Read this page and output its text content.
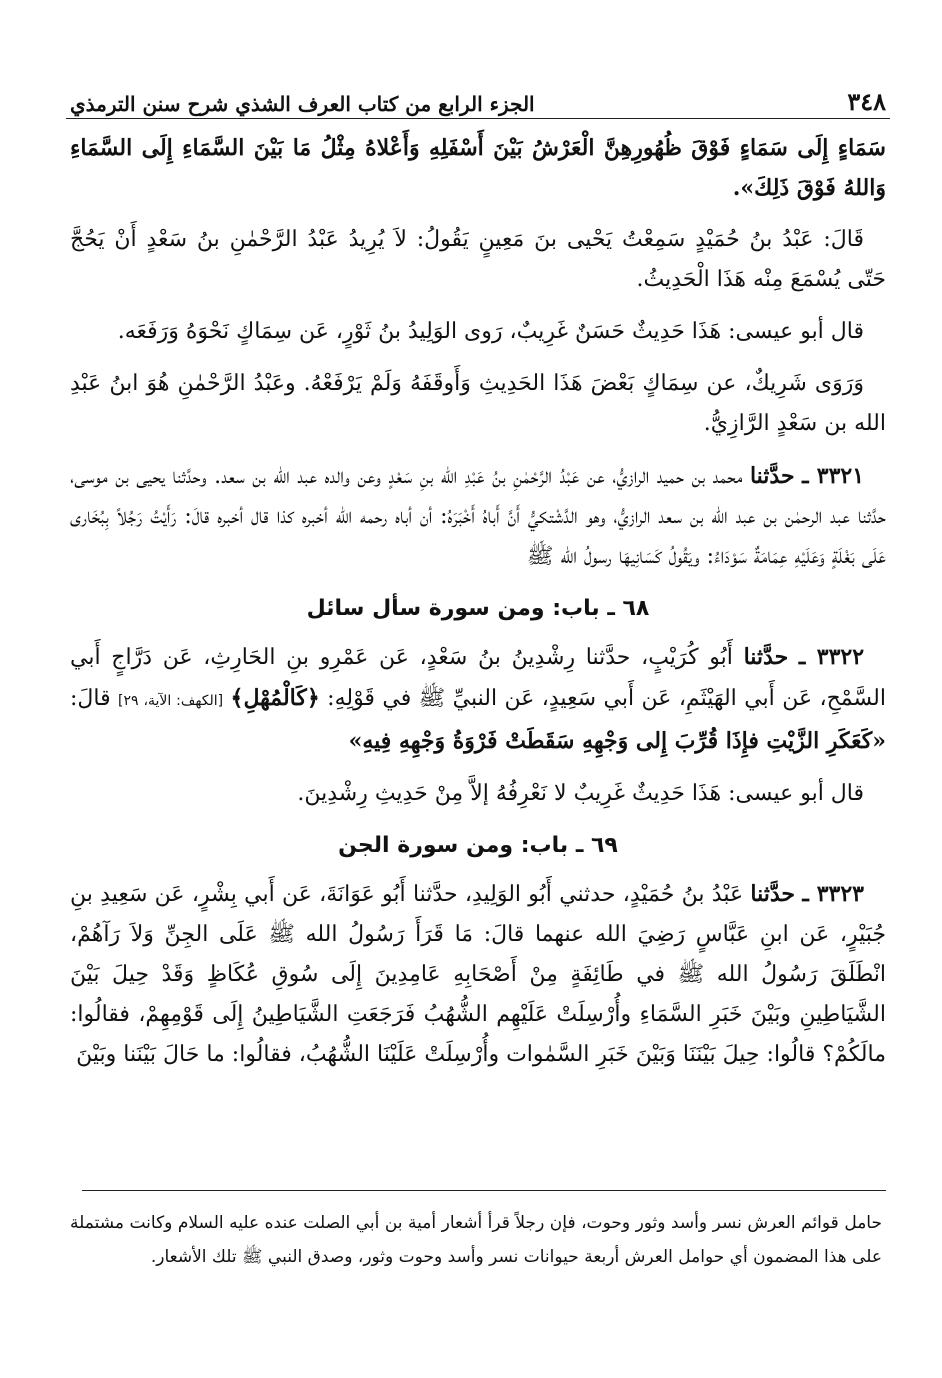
٣٤٨
الجزء الرابع من كتاب العرف الشذي شرح سنن الترمذي

سَمَاءٍ إِلَى سَمَاءٍ فَوْقَ ظُهُورِهِنَّ الْعَرْشُ بَيْنَ أَسْفَلِهِ وَأَعْلاهُ مِثْلُ مَا بَيْنَ السَّمَاءِ إِلَى السَّمَاءِ وَاللهُ فَوْقَ ذَلِكَ».

قَالَ: عَبْدُ بنُ حُمَيْدٍ سَمِعْتُ يَحْيى بنَ مَعِينٍ يَقُولُ: لاَ يُرِيدُ عَبْدُ الرَّحْمٰنِ بنُ سَعْدٍ أَنْ يَحُجَّ حَتّى يُسْمَعَ مِنْه هَذَا الْحَدِيثُ.

قال أبو عيسى: هَذَا حَدِيثٌ حَسَنٌ غَرِيبٌ، رَوى الوَلِيدُ بنُ ثَوْرٍ، عَن سِمَاكٍ نَحْوَهُ وَرَفَعَه.

وَرَوَى شَرِيكٌ، عن سِمَاكٍ بَعْضَ هَذَا الحَدِيثِ وَأَوقَفَهُ وَلَمْ يَرْفَعْهُ. وعَبْدُ الرَّحْمٰنِ هُوَ ابنُ عَبْدِ الله بن سَعْدٍ الرَّازِيُّ.

٣٣٢١ ـ حدَّثنا محمد بن حميد الرازيُّ، عن عَبْدُ الرَّحْمٰنِ بنُ عَبْدِ الله بنِ سَعْدٍ وعن والده عبد الله بن سعد. وحدَّثنا يحيى بن موسى، حدَّثنا عبد الرحمٰن بن عبد الله بن سعد الرازيُّ، وهو الدَّشْتكيُّ أَنَّ أَباهُ أَخْبَرَهُ: أن أباه رحمه الله أخبره كذا قال أخبره قالَ: رَأَيْتُ رَجُلاً بِبُخَارى عَلَى بَغْلَةٍ وَعَلَيْهِ عِمَامَةٌ سَوْدَاءُ: ويَقُولُ كَسَانِيهَا رسولُ الله ﷺ

٦٨ ـ باب: ومن سورة سأل سائل

٣٣٢٢ ـ حدَّثنا أَبُو كُرَيْبٍ، حدَّثنا رِشْدِينُ بنُ سَعْدٍ، عَن عَمْرِو بنِ الحَارِثِ، عَن دَرَّاجٍ أَبي السَّمْحِ، عَن أَبي الهَيْثَمِ، عَن أَبي سَعِيدٍ، عَن النبيِّ ﷺ في قَوْلِهِ: ﴿كَالْمُهْلِ﴾ [الكهف: الآية، ٢٩] قالَ: «كَعَكَرِ الزَّيْتِ فإِذَا قُرِّبَ إِلى وَجْهِهِ سَقَطَتْ فَرْوَةُ وَجْهِهِ فِيهِ»

قال أبو عيسى: هَذَا حَدِيثٌ غَرِيبٌ لا نَعْرِفُهُ إلاَّ مِنْ حَدِيثِ رِشْدِينَ.

٦٩ ـ باب: ومن سورة الجن

٣٣٢٣ ـ حدَّثنا عَبْدُ بنُ حُمَيْدٍ، حدثني أَبُو الوَلِيدِ، حدَّثنا أَبُو عَوَانَةَ، عَن أَبي بِشْرٍ، عَن سَعِيدِ بنِ جُبَيْرٍ، عَن ابنِ عَبَّاسٍ رَضِيَ الله عنهما قالَ: مَا قَرَأَ رَسُولُ الله ﷺ عَلَى الجِنِّ وَلاَ رَآهُمْ، انْطَلَقَ رَسُولُ الله ﷺ في طَائِفَةٍ مِنْ أَصْحَابِهِ عَامِدِينَ إِلَى سُوقِ عُكَاظٍ وَقَدْ حِيلَ بَيْنَ الشَّيَاطِينِ وبَيْنَ خَبَرِ السَّمَاءِ وأُرْسِلَتْ عَلَيْهِم الشُّهُبُ فَرَجَعَتِ الشَّيَاطِينُ إِلَى قَوْمِهِمْ، فقالُوا: مالَكُمْ؟ قالُوا: حِيلَ بَيْنَنَا وَبَيْنَ خَبَرِ السَّمٰوات وأُرْسِلَتْ عَلَيْنَا الشُّهُبُ، فقالُوا: ما حَالَ بَيْنَنا وبَيْنَ

حامل قوائم العرش نسر وأسد وثور وحوت، فإن رجلاً قرأ أشعار أمية بن أبي الصلت عنده عليه السلام وكانت مشتملة على هذا المضمون أي حوامل العرش أربعة حيوانات نسر وأسد وحوت وثور، وصدق النبي ﷺ تلك الأشعار.
